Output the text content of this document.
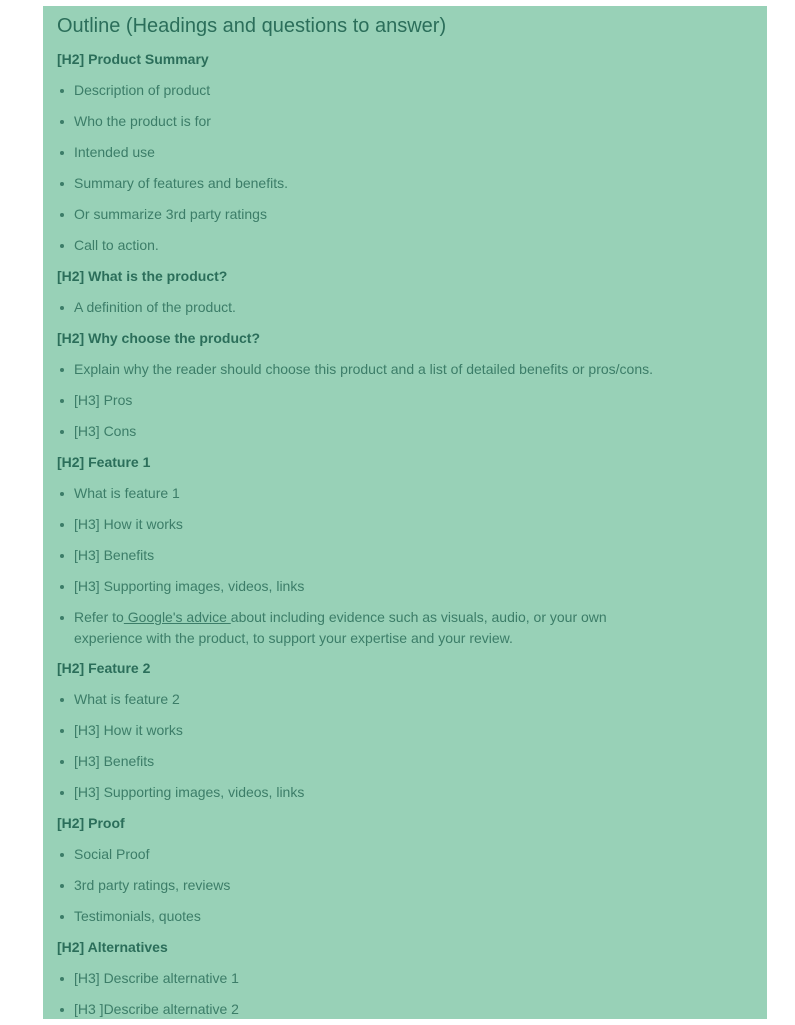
Outline (Headings and questions to answer)
[H2] Product Summary
Description of product
Who the product is for
Intended use
Summary of features and benefits.
Or summarize 3rd party ratings
Call to action.
[H2] What is the product?
A definition of the product.
[H2] Why choose the product?
Explain why the reader should choose this product and a list of detailed benefits or pros/cons.
[H3] Pros
[H3] Cons
[H2] Feature 1
What is feature 1
[H3] How it works
[H3] Benefits
[H3] Supporting images, videos, links
Refer to Google's advice about including evidence such as visuals, audio, or your own experience with the product, to support your expertise and your review.
[H2] Feature 2
What is feature 2
[H3] How it works
[H3] Benefits
[H3] Supporting images, videos, links
[H2] Proof
Social Proof
3rd party ratings, reviews
Testimonials, quotes
[H2] Alternatives
[H3] Describe alternative 1
[H3 ]Describe alternative 2
